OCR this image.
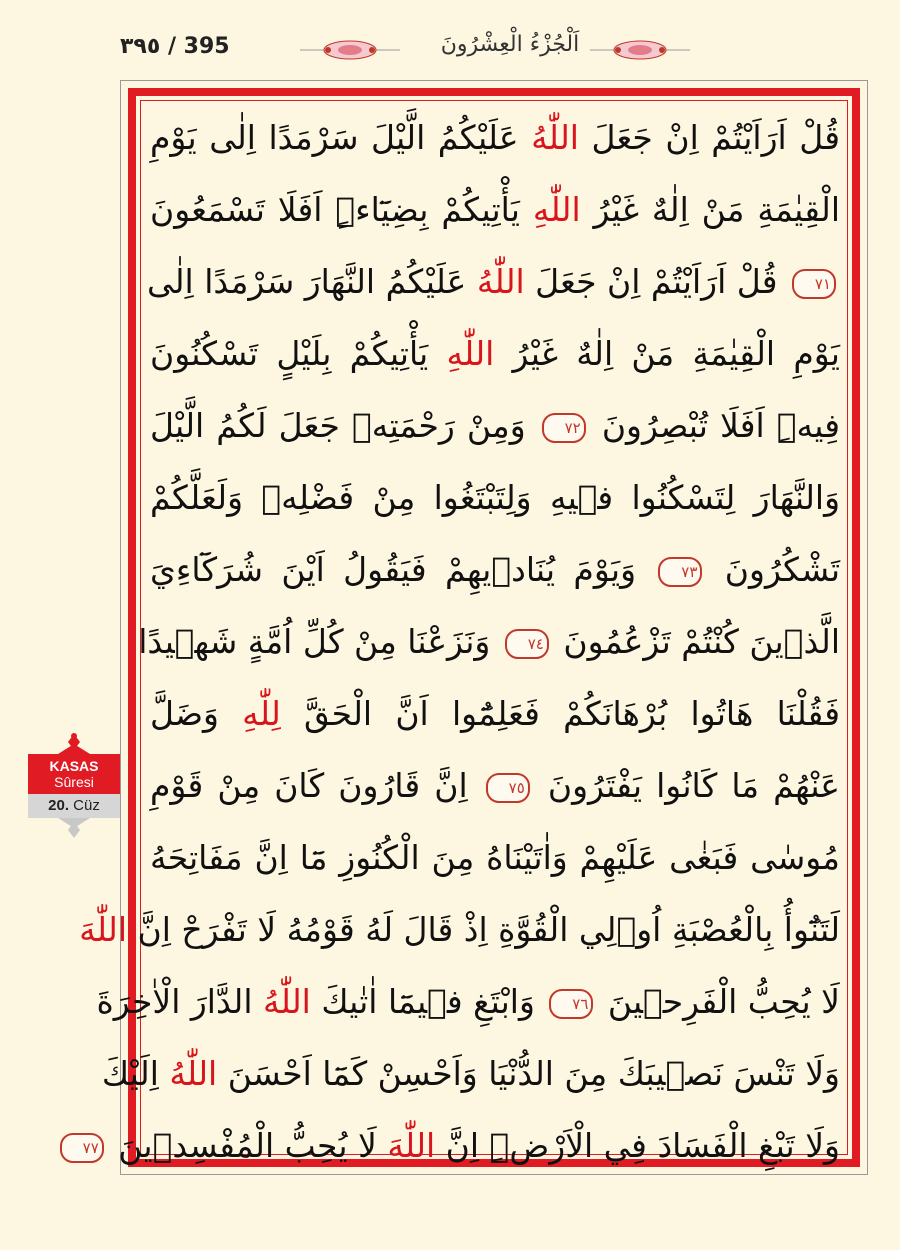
٣٩٥ / 395	اَلْجُزْءُ الْعِشْرُونَ
قُلْ اَرَاَيْتُمْ اِنْ جَعَلَ اللّٰهُ عَلَيْكُمُ الَّيْلَ سَرْمَدًا اِلٰى يَوْمِ
الْقِيٰمَةِ مَنْ اِلٰهٌ غَيْرُ اللّٰهِ يَأْتِيكُمْ بِضِيَٓاءٍۜ اَفَلَا تَسْمَعُونَ
٧١ قُلْ اَرَاَيْتُمْ اِنْ جَعَلَ اللّٰهُ عَلَيْكُمُ النَّهَارَ سَرْمَدًا اِلٰى
يَوْمِ الْقِيٰمَةِ مَنْ اِلٰهٌ غَيْرُ اللّٰهِ يَأْتِيكُمْ بِلَيْلٍ تَسْكُنُونَ
فِيهِۜ اَفَلَا تُبْصِرُونَ ٧٢ وَمِنْ رَحْمَتِه۪ جَعَلَ لَكُمُ الَّيْلَ
وَالنَّهَارَ لِتَسْكُنُوا ف۪يهِ وَلِتَبْتَغُوا مِنْ فَضْلِه۪ وَلَعَلَّكُمْ
تَشْكُرُونَ ٧٣ وَيَوْمَ يُنَاد۪يهِمْ فَيَقُولُ اَيْنَ شُرَكَٓاءِيَ
الَّذ۪ينَ كُنْتُمْ تَزْعُمُونَ ٧٤ وَنَزَعْنَا مِنْ كُلِّ اُمَّةٍ شَه۪يدًا
فَقُلْنَا هَاتُوا بُرْهَانَكُمْ فَعَلِمُٓوا اَنَّ الْحَقَّ لِلّٰهِ وَضَلَّ
عَنْهُمْ مَا كَانُوا يَفْتَرُونَ ٧٥ اِنَّ قَارُونَ كَانَ مِنْ قَوْمِ
مُوسٰى فَبَغٰى عَلَيْهِمْ وَاٰتَيْنَاهُ مِنَ الْكُنُوزِ مَٓا اِنَّ مَفَاتِحَهُ
لَتَنُٓوأُ بِالْعُصْبَةِ اُو۬لِي الْقُوَّةِ اِذْ قَالَ لَهُ قَوْمُهُ لَا تَفْرَحْ اِنَّ اللّٰهَ
لَا يُحِبُّ الْفَرِح۪ينَ ٧٦ وَابْتَغِ ف۪يمَٓا اٰتٰيكَ اللّٰهُ الدَّارَ الْاٰخِرَةَ
وَلَا تَنْسَ نَص۪يبَكَ مِنَ الدُّنْيَا وَاَحْسِنْ كَمَٓا اَحْسَنَ اللّٰهُ اِلَيْكَ
وَلَا تَبْغِ الْفَسَادَ فِي الْاَرْضِۜ اِنَّ اللّٰهَ لَا يُحِبُّ الْمُفْسِد۪ينَ ٧٧
KASAS
Sûresi
20. Cüz
